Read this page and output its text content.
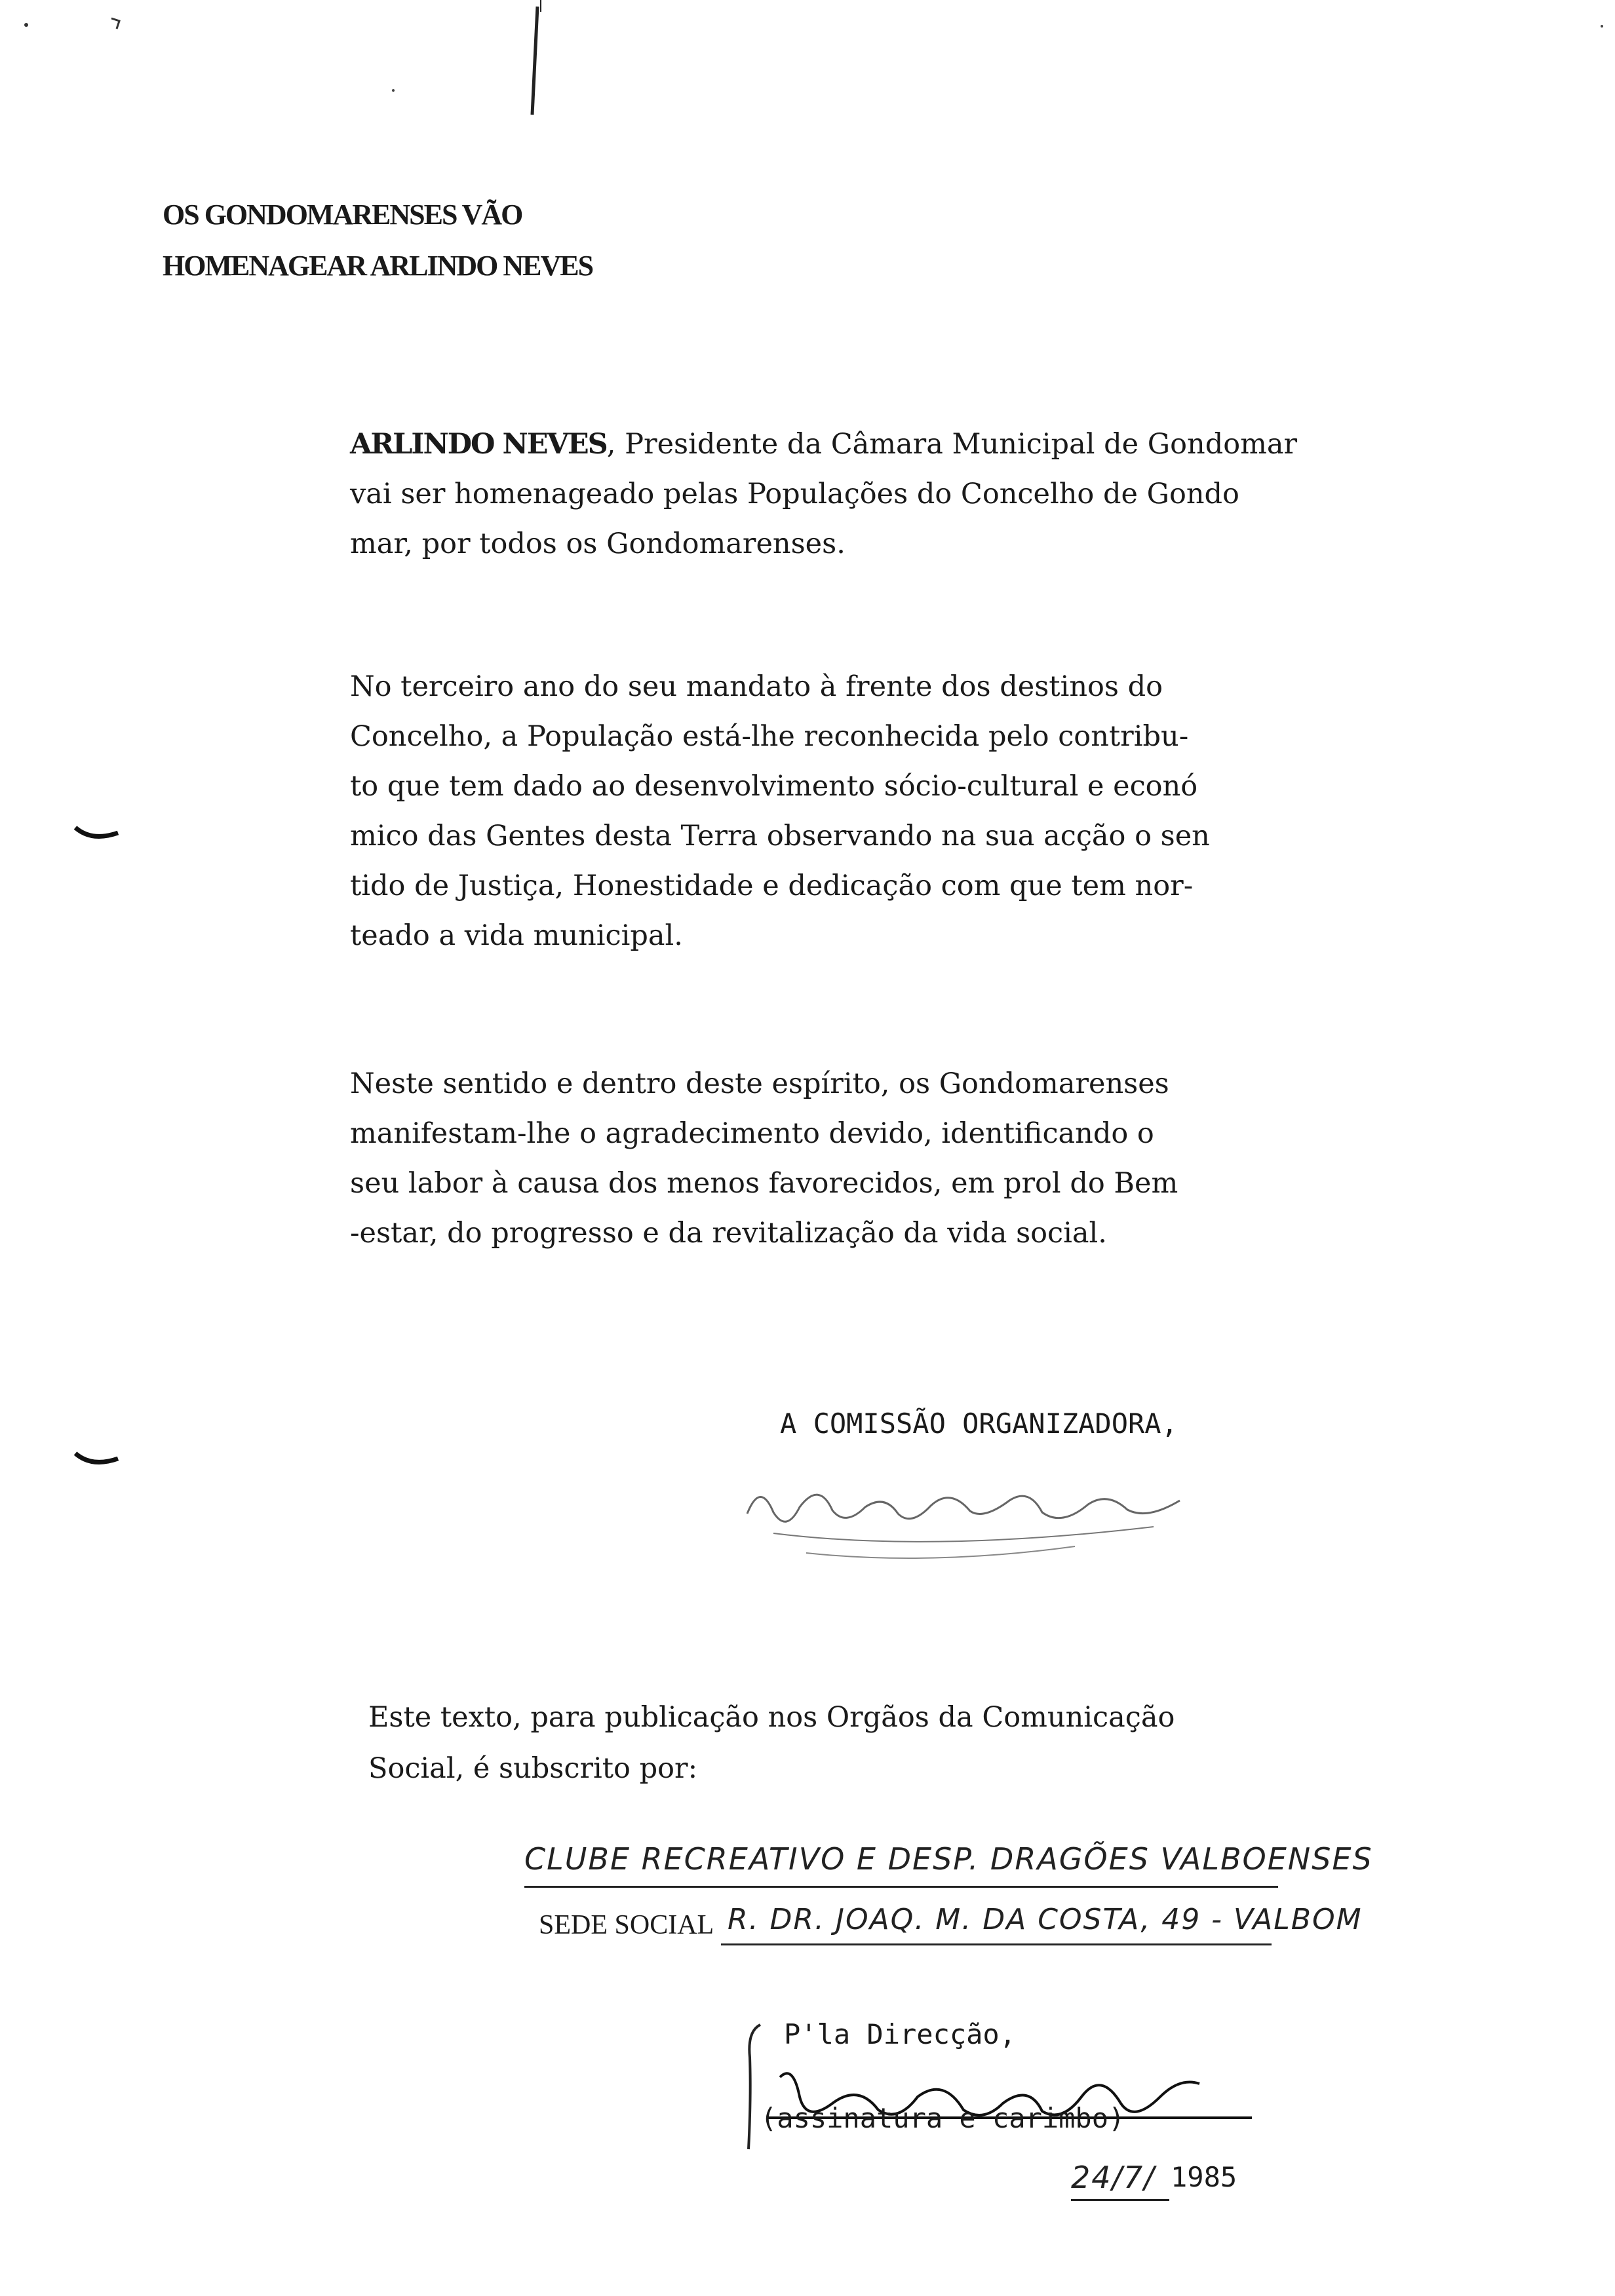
OS GONDOMARENSES VÃO
HOMENAGEAR ARLINDO NEVES
ARLINDO NEVES, Presidente da Câmara Municipal de Gondomar
vai ser homenageado pelas Populações do Concelho de Gondo
mar, por todos os Gondomarenses.
No terceiro ano do seu mandato à frente dos destinos do
Concelho, a População está-lhe reconhecida pelo contribu-
to que tem dado ao desenvolvimento sócio-cultural e econó
mico das Gentes desta Terra observando na sua acção o sen
tido de Justiça, Honestidade e dedicação com que tem nor-
teado a vida municipal.
Neste sentido e dentro deste espírito, os Gondomarenses
manifestam-lhe o agradecimento devido, identificando o
seu labor à causa dos menos favorecidos, em prol do Bem
-estar, do progresso e da revitalização da vida social.
A COMISSÃO ORGANIZADORA,
Este texto, para publicação nos Orgãos da Comunicação
Social, é subscrito por:
CLUBE RECREATIVO E DESP. DRAGÕES VALBOENSES
SEDE SOCIAL R. DR. JOAQ. M. DA COSTA, 49 - VALBOM
P'la Direcção,
(assinatura e carimbo)
24/7/ 1985
